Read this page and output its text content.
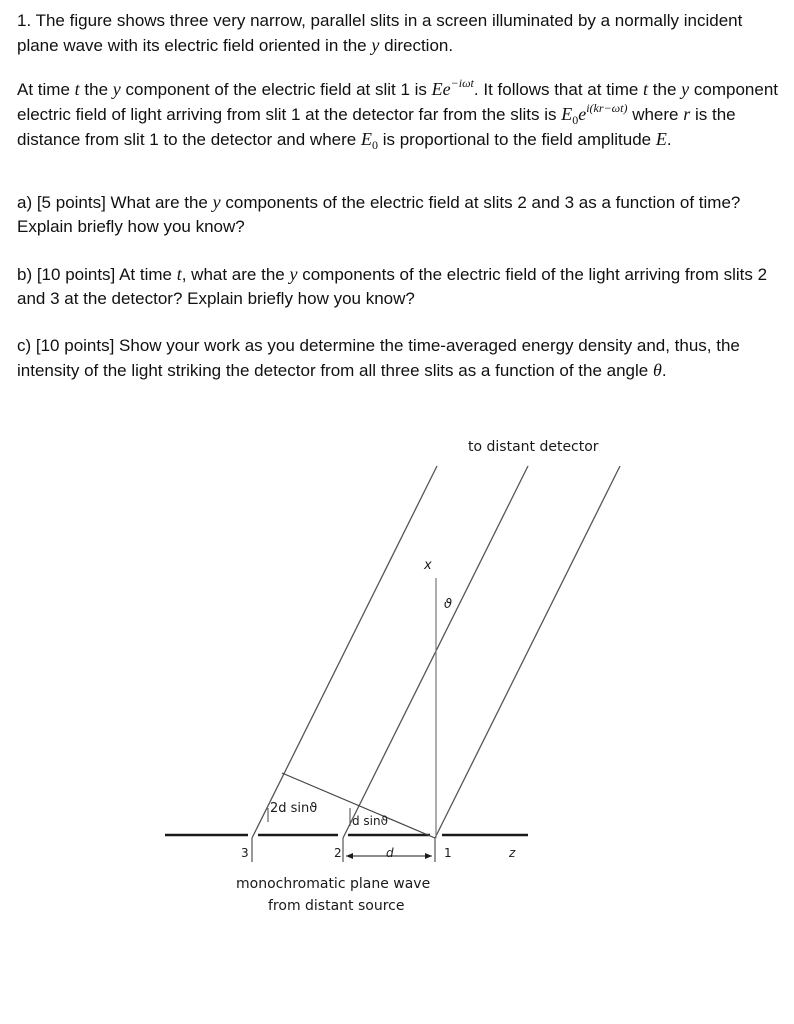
1. The figure shows three very narrow, parallel slits in a screen illuminated by a normally incident plane wave with its electric field oriented in the y direction.

At time t the y component of the electric field at slit 1 is $Ee^{-i\omega t}$. It follows that at time t the y component electric field of light arriving from slit 1 at the detector far from the slits is $E_0e^{i(kr-\omega t)}$ where r is the distance from slit 1 to the detector and where $E_0$ is proportional to the field amplitude E.

a) [5 points] What are the y components of the electric field at slits 2 and 3 as a function of time? Explain briefly how you know?

b) [10 points] At time t, what are the y components of the electric field of the light arriving from slits 2 and 3 at the detector? Explain briefly how you know?

c) [10 points] Show your work as you determine the time-averaged energy density and, thus, the intensity of the light striking the detector from all three slits as a function of the angle θ.

to distant detector
x
ϑ
2d sinϑ
d sinϑ
d	1
2
3	z
monochromatic plane wave
from distant source
